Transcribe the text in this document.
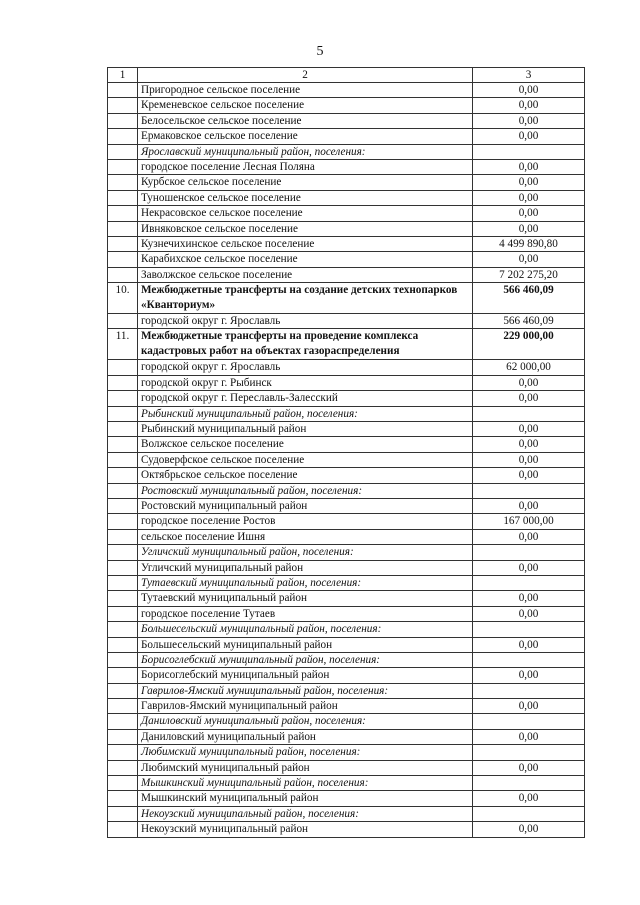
5
1	2	3
	Пригородное сельское поселение	0,00
	Кременевское сельское поселение	0,00
	Белосельское сельское поселение	0,00
	Ермаковское сельское поселение	0,00
	Ярославский муниципальный район, поселения:	
	городское поселение Лесная Поляна	0,00
	Курбское сельское поселение	0,00
	Туношенское сельское поселение	0,00
	Некрасовское сельское поселение	0,00
	Ивняковское сельское поселение	0,00
	Кузнечихинское сельское поселение	4 499 890,80
	Карабихское сельское поселение	0,00
	Заволжское сельское поселение	7 202 275,20
10.	Межбюджетные трансферты на создание детских технопарков «Кванториум»	566 460,09
	городской округ г. Ярославль	566 460,09
11.	Межбюджетные трансферты на проведение комплекса кадастровых работ на объектах газораспределения	229 000,00
	городской округ г. Ярославль	62 000,00
	городской округ г. Рыбинск	0,00
	городской округ г. Переславль-Залесский	0,00
	Рыбинский муниципальный район, поселения:	
	Рыбинский муниципальный район	0,00
	Волжское сельское поселение	0,00
	Судоверфское сельское поселение	0,00
	Октябрьское сельское поселение	0,00
	Ростовский муниципальный район, поселения:	
	Ростовский муниципальный район	0,00
	городское поселение Ростов	167 000,00
	сельское поселение Ишня	0,00
	Угличский муниципальный район, поселения:	
	Угличский муниципальный район	0,00
	Тутаевский муниципальный район, поселения:	
	Тутаевский муниципальный район	0,00
	городское поселение Тутаев	0,00
	Большесельский муниципальный район, поселения:	
	Большесельский муниципальный район	0,00
	Борисоглебский муниципальный район, поселения:	
	Борисоглебский муниципальный район	0,00
	Гаврилов-Ямский муниципальный район, поселения:	
	Гаврилов-Ямский муниципальный район	0,00
	Даниловский муниципальный район, поселения:	
	Даниловский муниципальный район	0,00
	Любимский муниципальный район, поселения:	
	Любимский муниципальный район	0,00
	Мышкинский муниципальный район, поселения:	
	Мышкинский муниципальный район	0,00
	Некоузский муниципальный район, поселения:	
	Некоузский муниципальный район	0,00
